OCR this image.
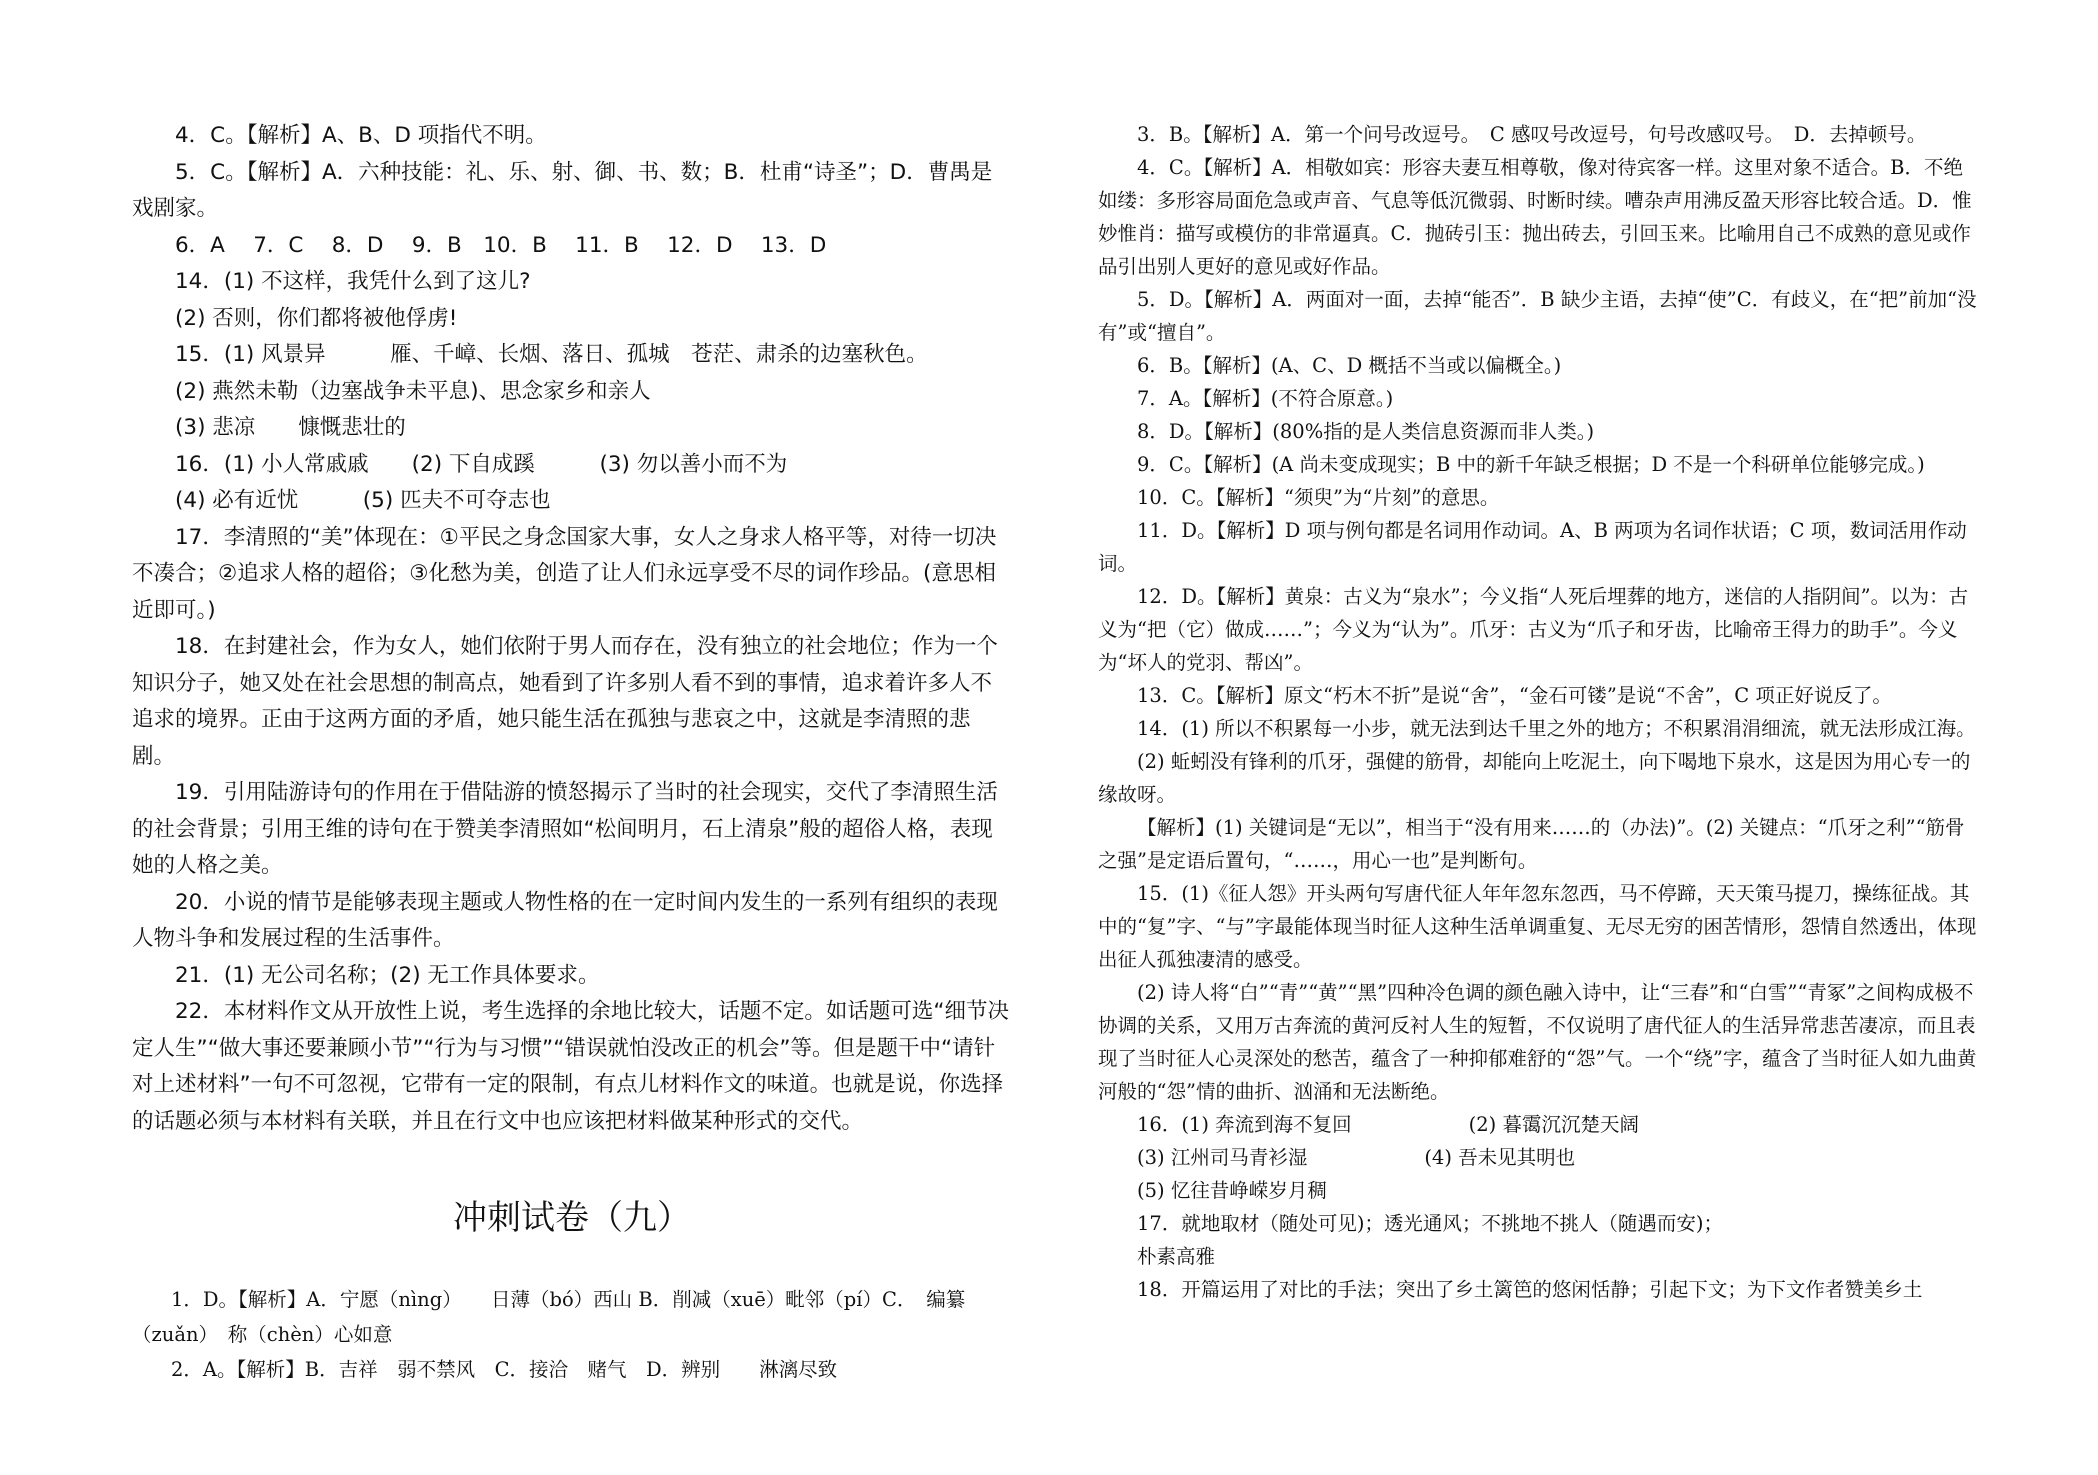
4．C。【解析】A、B、D 项指代不明。

5．C。【解析】A．六种技能：礼、乐、射、御、书、数；B．杜甫“诗圣”；D．曹禺是戏剧家。

6．A　 7．C　 8．D　 9．B　10．B　 11．B　 12．D　 13．D

14．(1) 不这样，我凭什么到了这儿?

(2) 否则，你们都将被他俘虏!

15．(1) 风景异　　　雁、千嶂、长烟、落日、孤城　苍茫、肃杀的边塞秋色。

(2) 燕然未勒（边塞战争未平息)、思念家乡和亲人

(3) 悲凉　　慷慨悲壮的

16．(1) 小人常戚戚　　(2) 下自成蹊　　　(3) 勿以善小而不为

(4) 必有近忧　　　(5) 匹夫不可夺志也

17．李清照的“美”体现在：①平民之身念国家大事，女人之身求人格平等，对待一切决不凑合；②追求人格的超俗；③化愁为美，创造了让人们永远享受不尽的词作珍品。(意思相近即可。)

18．在封建社会，作为女人，她们依附于男人而存在，没有独立的社会地位；作为一个知识分子，她又处在社会思想的制高点，她看到了许多别人看不到的事情，追求着许多人不追求的境界。正由于这两方面的矛盾，她只能生活在孤独与悲哀之中，这就是李清照的悲剧。

19．引用陆游诗句的作用在于借陆游的愤怒揭示了当时的社会现实，交代了李清照生活的社会背景；引用王维的诗句在于赞美李清照如“松间明月，石上清泉”般的超俗人格，表现她的人格之美。

20．小说的情节是能够表现主题或人物性格的在一定时间内发生的一系列有组织的表现人物斗争和发展过程的生活事件。

21．(1) 无公司名称；(2) 无工作具体要求。

22．本材料作文从开放性上说，考生选择的余地比较大，话题不定。如话题可选“细节决定人生”“做大事还要兼顾小节”“行为与习惯”“错误就怕没改正的机会”等。但是题干中“请针对上述材料”一句不可忽视，它带有一定的限制，有点儿材料作文的味道。也就是说，你选择的话题必须与本材料有关联，并且在行文中也应该把材料做某种形式的交代。

冲刺试卷（九）

1．D。【解析】A．宁愿（nìng）　　日薄（bó）西山 B．削减（xuē）毗邻（pí）C．　编纂（zuǎn）　称（chèn）心如意

2．A。【解析】B．吉祥　弱不禁风　C．接洽　赌气　D．辨别　　淋漓尽致

3．B。【解析】A．第一个问号改逗号。　C 感叹号改逗号，句号改感叹号。　D．去掉顿号。

4．C。【解析】A．相敬如宾：形容夫妻互相尊敬，像对待宾客一样。这里对象不适合。B．不绝如缕：多形容局面危急或声音、气息等低沉微弱、时断时续。嘈杂声用沸反盈天形容比较合适。D．惟妙惟肖：描写或模仿的非常逼真。C．抛砖引玉：抛出砖去，引回玉来。比喻用自己不成熟的意见或作品引出别人更好的意见或好作品。

5．D。【解析】A．两面对一面，去掉“能否”．B 缺少主语，去掉“使”C．有歧义，在“把”前加“没有”或“擅自”。

6．B。【解析】(A、C、D 概括不当或以偏概全。)

7．A。【解析】(不符合原意。)

8．D。【解析】(80%指的是人类信息资源而非人类。)

9．C。【解析】(A 尚未变成现实；B 中的新千年缺乏根据；D 不是一个科研单位能够完成。)

10．C。【解析】“须臾”为“片刻”的意思。

11．D。【解析】D 项与例句都是名词用作动词。A、B 两项为名词作状语；C 项，数词活用作动词。

12．D。【解析】黄泉：古义为“泉水”；今义指“人死后埋葬的地方，迷信的人指阴间”。以为：古义为“把（它）做成……”；今义为“认为”。爪牙：古义为“爪子和牙齿，比喻帝王得力的助手”。今义为“坏人的党羽、帮凶”。

13．C。【解析】原文“朽木不折”是说“舍”，“金石可镂”是说“不舍”，C 项正好说反了。

14．(1) 所以不积累每一小步，就无法到达千里之外的地方；不积累涓涓细流，就无法形成江海。

(2) 蚯蚓没有锋利的爪牙，强健的筋骨，却能向上吃泥土，向下喝地下泉水，这是因为用心专一的缘故呀。

【解析】(1) 关键词是“无以”，相当于“没有用来……的（办法)”。(2) 关键点：“爪牙之利”“筋骨之强”是定语后置句，“……，用心一也”是判断句。

15．(1)《征人怨》开头两句写唐代征人年年忽东忽西，马不停蹄，天天策马提刀，操练征战。其中的“复”字、“与”字最能体现当时征人这种生活单调重复、无尽无穷的困苦情形，怨情自然透出，体现出征人孤独凄清的感受。

(2) 诗人将“白”“青”“黄”“黑”四种冷色调的颜色融入诗中，让“三春”和“白雪”“青冢”之间构成极不协调的关系，又用万古奔流的黄河反衬人生的短暂，不仅说明了唐代征人的生活异常悲苦凄凉，而且表现了当时征人心灵深处的愁苦，蕴含了一种抑郁难舒的“怨”气。一个“绕”字，蕴含了当时征人如九曲黄河般的“怨”情的曲折、汹涌和无法断绝。

16．(1) 奔流到海不复回　　　　　　(2) 暮霭沉沉楚天阔

(3) 江州司马青衫湿　　　　　　(4) 吾未见其明也

(5) 忆往昔峥嵘岁月稠

17．就地取材（随处可见)；透光通风；不挑地不挑人（随遇而安)；

朴素高雅

18．开篇运用了对比的手法；突出了乡土篱笆的悠闲恬静；引起下文；为下文作者赞美乡土
